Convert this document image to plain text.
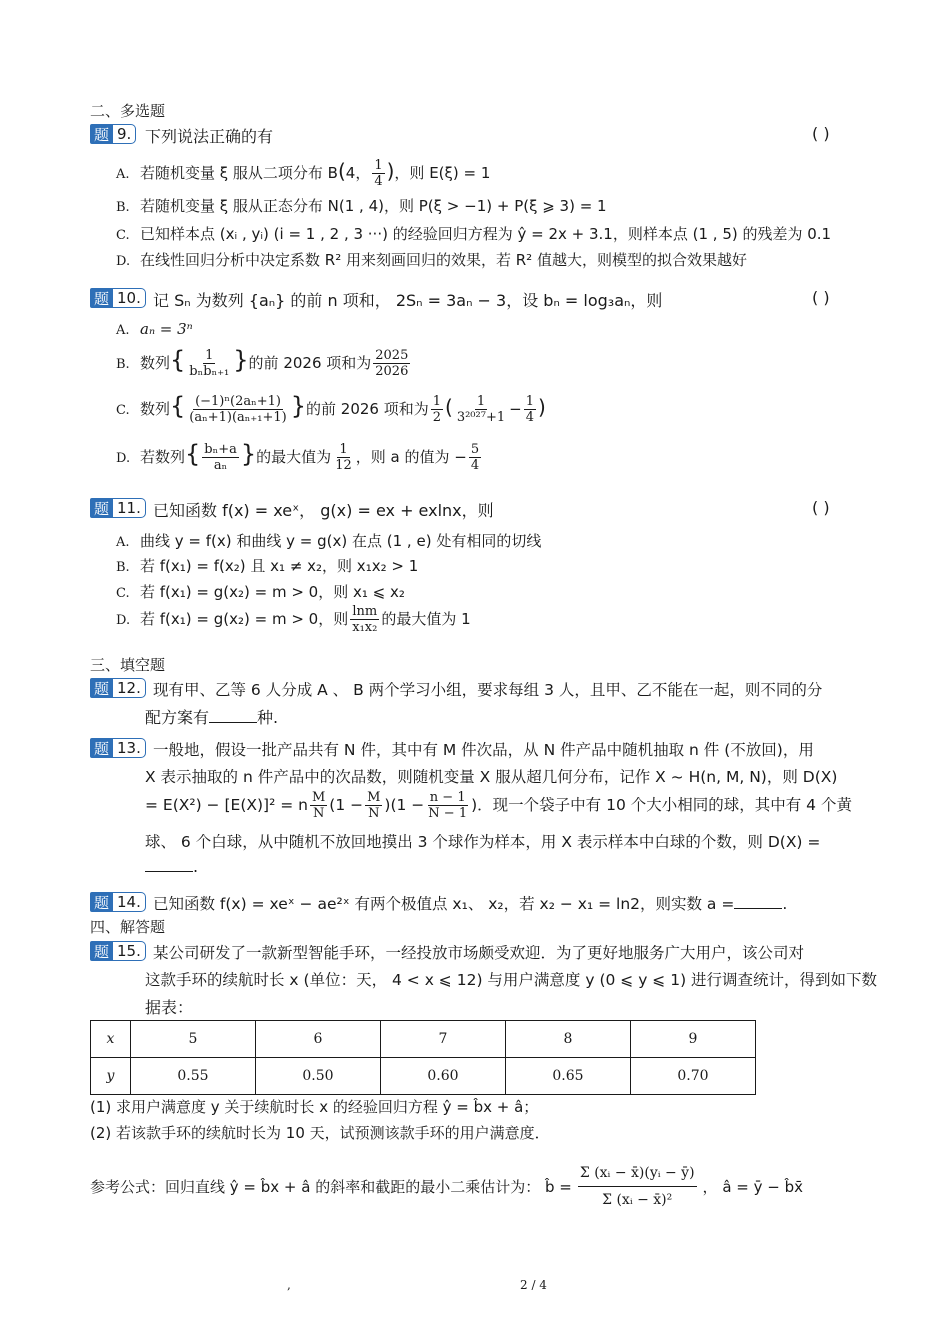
二、多选题
题 9. 下列说法正确的有	( )
A. 若随机变量 ξ 服从二项分布 B(4， $\frac{1}{4}$ )，则 E(ξ) = 1
B. 若随机变量 ξ 服从正态分布 N(1 , 4)，则 P(ξ > −1) + P(ξ ⩾ 3) = 1
C. 已知样本点 (xᵢ , yᵢ) (i = 1 , 2 , 3 ···) 的经验回归方程为 ŷ = 2x + 3.1，则样本点 (1 , 5) 的残差为 0.1
D. 在线性回归分析中决定系数 R² 用来刻画回归的效果，若 R² 值越大，则模型的拟合效果越好
题 10. 记 Sₙ 为数列 {aₙ} 的前 n 项和， 2Sₙ = 3aₙ − 3，设 bₙ = log₃aₙ，则	( )
A. aₙ = 3ⁿ
B. 数列{ $\frac{1}{\text{bₙbₙ₊₁}}$ }的前 2026 项和为 $\frac{2025}{2026}$
C. 数列{ $\frac{\text{(−1)ⁿ(2aₙ+1)}}{\text{(aₙ+1)(aₙ₊₁+1)}}$ }的前 2026 项和为 $\frac{1}{2}$ ( $\frac{1}{\text{3²⁰²⁷+1}} - \frac{1}{4}$ )
D. 若数列{ $\frac{\text{bₙ+a}}{\text{aₙ}}$ }的最大值为 $\frac{1}{12}$ ，则 a 的值为 − $\frac{5}{4}$
题 11. 已知函数 f(x) = xeˣ， g(x) = ex + exlnx，则	( )
A. 曲线 y = f(x) 和曲线 y = g(x) 在点 (1 , e) 处有相同的切线
B. 若 f(x₁) = f(x₂) 且 x₁ ≠ x₂，则 x₁x₂ > 1
C. 若 f(x₁) = g(x₂) = m > 0，则 x₁ ⩽ x₂
D. 若 f(x₁) = g(x₂) = m > 0，则 $\frac{\ln m}{\text{x₁x₂}}$ 的最大值为 1
三、填空题
题 12. 现有甲、乙等 6 人分成 A 、 B 两个学习小组，要求每组 3 人，且甲、乙不能在一起，则不同的分
配方案有	种.
题 13. 一般地，假设一批产品共有 N 件，其中有 M 件次品，从 N 件产品中随机抽取 n 件 (不放回)，用
X 表示抽取的 n 件产品中的次品数，则随机变量 X 服从超几何分布，记作 X ~ H(n, M, N)，则 D(X)
= E(X²) − [E(X)]² = n $\frac{M}{N} (1 - \frac{M}{N} )(1 - \frac{n - 1}{N - 1}$ )．现一个袋子中有 10 个大小相同的球，其中有 4 个黄
球、 6 个白球，从中随机不放回地摸出 3 个球作为样本，用 X 表示样本中白球的个数，则 D(X) =
.
题 14. 已知函数 f(x) = xeˣ − ae²ˣ 有两个极值点 x₁、 x₂，若 x₂ − x₁ = ln2，则实数 a =	.
四、解答题
题 15. 某公司研发了一款新型智能手环，一经投放市场颇受欢迎．为了更好地服务广大用户，该公司对
这款手环的续航时长 x (单位：天， 4 < x ⩽ 12) 与用户满意度 y (0 ⩽ y ⩽ 1) 进行调查统计，得到如下数
据表：
x	5	6	7	8	9
y	0.55	0.50	0.60	0.65	0.70
(1) 求用户满意度 y 关于续航时长 x 的经验回归方程 ŷ = b̂x + â；
(2) 若该款手环的续航时长为 10 天，试预测该款手环的用户满意度．
参考公式：回归直线 ŷ = b̂x + â 的斜率和截距的最小二乘估计为： b̂ = $\frac{\text{Σ (xᵢ − x̄)(yᵢ − ȳ)}}{\text{Σ (xᵢ − x̄)²}}$ ， â = ȳ − b̂x̄
,	2 / 4
